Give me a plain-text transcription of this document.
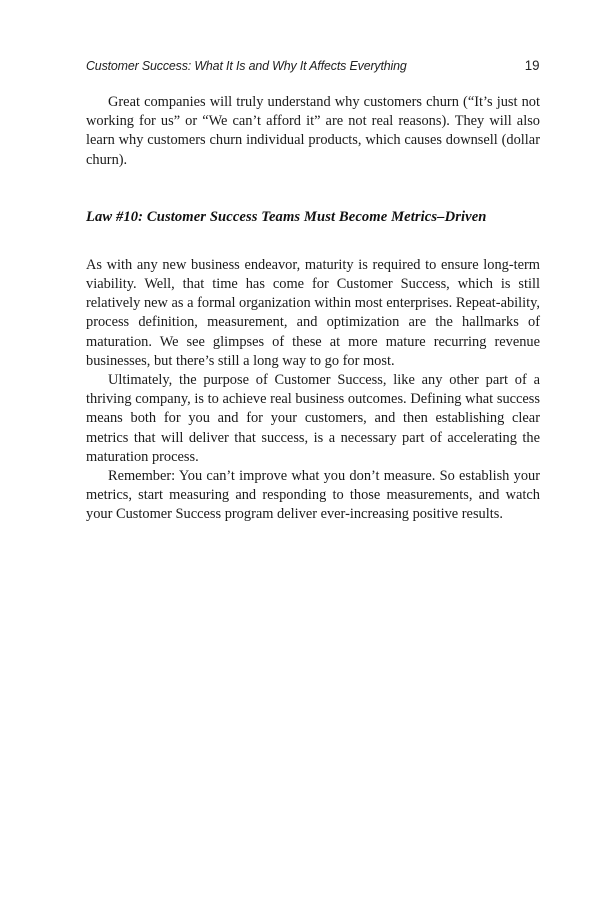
Customer Success: What It Is and Why It Affects Everything	19

Great companies will truly understand why customers churn (“It’s just not working for us” or “We can’t afford it” are not real reasons). They will also learn why customers churn individual products, which causes downsell (dollar churn).

Law #10: Customer Success Teams Must Become Metrics–Driven

As with any new business endeavor, maturity is required to ensure long-term viability. Well, that time has come for Customer Success, which is still relatively new as a formal organization within most enterprises. Repeat-ability, process definition, measurement, and optimization are the hallmarks of maturation. We see glimpses of these at more mature recurring revenue businesses, but there’s still a long way to go for most.

Ultimately, the purpose of Customer Success, like any other part of a thriving company, is to achieve real business outcomes. Defining what success means both for you and for your customers, and then establishing clear metrics that will deliver that success, is a necessary part of accelerating the maturation process.

Remember: You can’t improve what you don’t measure. So establish your metrics, start measuring and responding to those measurements, and watch your Customer Success program deliver ever-increasing positive results.
